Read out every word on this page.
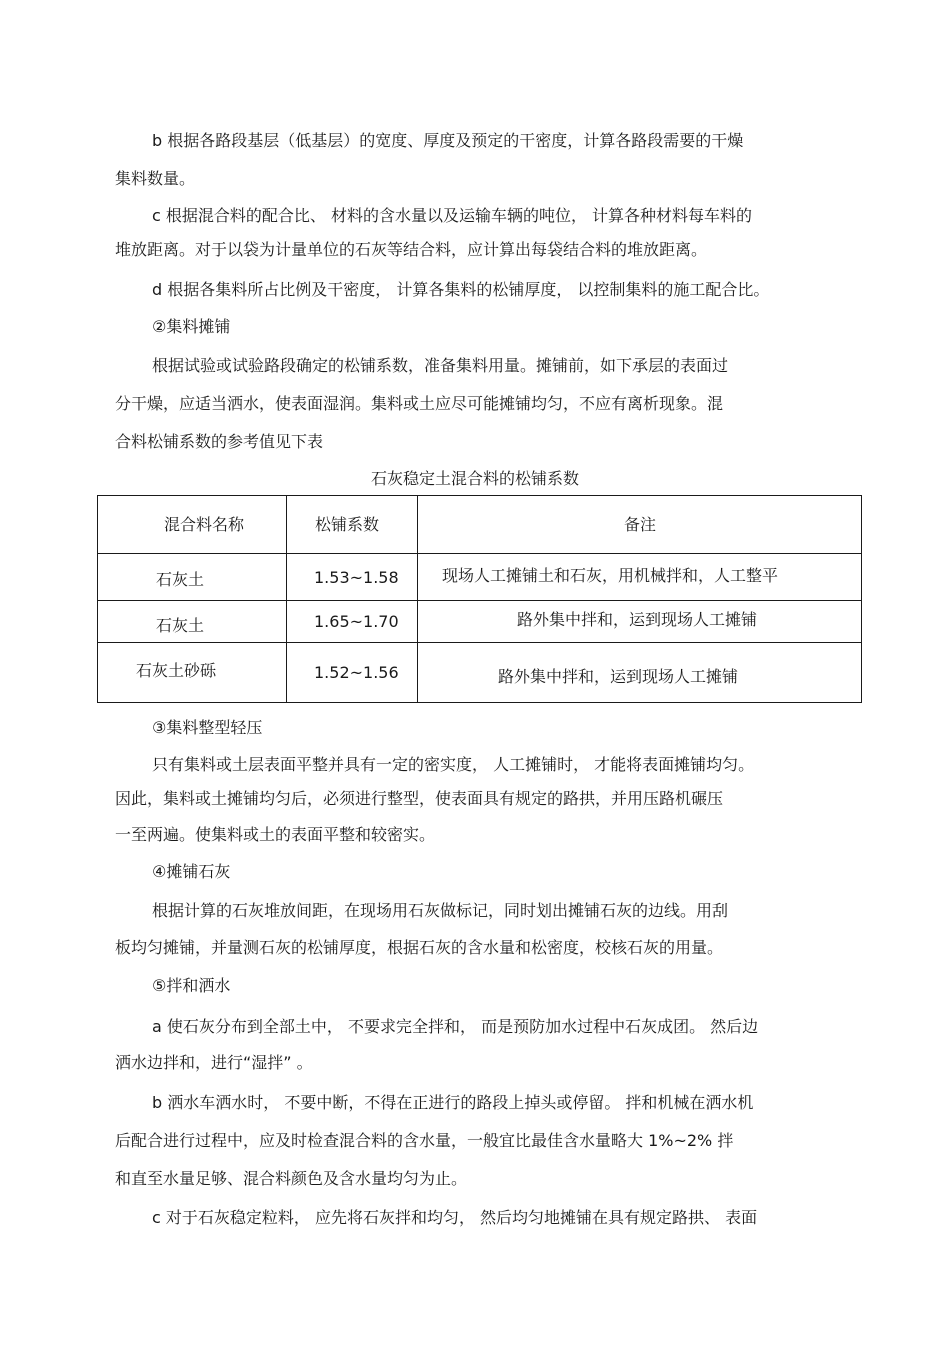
b 根据各路段基层（低基层）的宽度、厚度及预定的干密度，计算各路段需要的干燥
集料数量。
c 根据混合料的配合比、 材料的含水量以及运输车辆的吨位， 计算各种材料每车料的
堆放距离。对于以袋为计量单位的石灰等结合料，应计算出每袋结合料的堆放距离。
d 根据各集料所占比例及干密度， 计算各集料的松铺厚度， 以控制集料的施工配合比。
②集料摊铺
根据试验或试验路段确定的松铺系数，准备集料用量。摊铺前，如下承层的表面过
分干燥，应适当洒水，使表面湿润。集料或土应尽可能摊铺均匀，不应有离析现象。混
合料松铺系数的参考值见下表
石灰稳定土混合料的松铺系数
混合料名称	松铺系数	备注

石灰土	1.53~1.58	现场人工摊铺土和石灰，用机械拌和，人工整平

石灰土	1.65~1.70	路外集中拌和，运到现场人工摊铺

石灰土砂砾	1.52~1.56	路外集中拌和，运到现场人工摊铺
③集料整型轻压
只有集料或土层表面平整并具有一定的密实度， 人工摊铺时， 才能将表面摊铺均匀。
因此，集料或土摊铺均匀后，必须进行整型，使表面具有规定的路拱，并用压路机碾压
一至两遍。使集料或土的表面平整和较密实。
④摊铺石灰
根据计算的石灰堆放间距，在现场用石灰做标记，同时划出摊铺石灰的边线。用刮
板均匀摊铺，并量测石灰的松铺厚度，根据石灰的含水量和松密度，校核石灰的用量。
⑤拌和洒水
a 使石灰分布到全部土中， 不要求完全拌和， 而是预防加水过程中石灰成团。 然后边
洒水边拌和，进行“湿拌” 。
b 洒水车洒水时， 不要中断，不得在正进行的路段上掉头或停留。 拌和机械在洒水机
后配合进行过程中，应及时检查混合料的含水量，一般宜比最佳含水量略大 1%~2% 拌
和直至水量足够、混合料颜色及含水量均匀为止。
c 对于石灰稳定粒料， 应先将石灰拌和均匀， 然后均匀地摊铺在具有规定路拱、 表面
